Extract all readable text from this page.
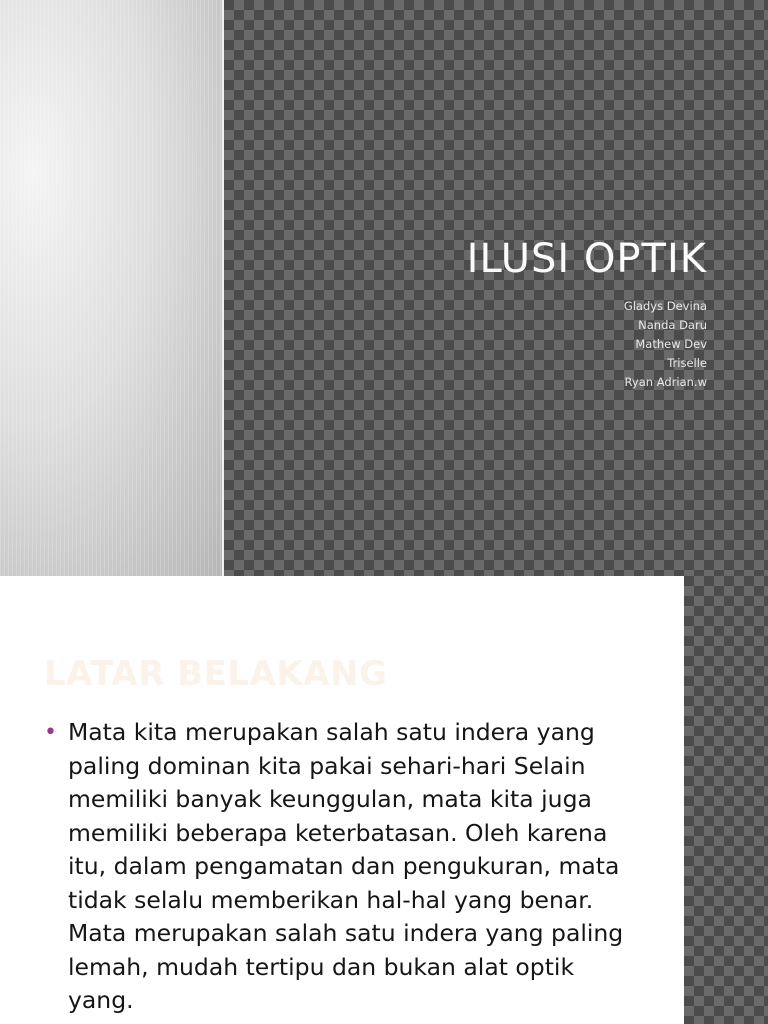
ILUSI OPTIK
Gladys Devina
Nanda Daru
Mathew Dev
Triselle
Ryan Adrian.w
LATAR BELAKANG
• Mata kita merupakan salah satu indera yang paling dominan kita pakai sehari-hari Selain memiliki banyak keunggulan, mata kita juga memiliki beberapa keterbatasan. Oleh karena itu, dalam pengamatan dan pengukuran, mata tidak selalu memberikan hal-hal yang benar. Mata merupakan salah satu indera yang paling lemah, mudah tertipu dan bukan alat optik yang.
